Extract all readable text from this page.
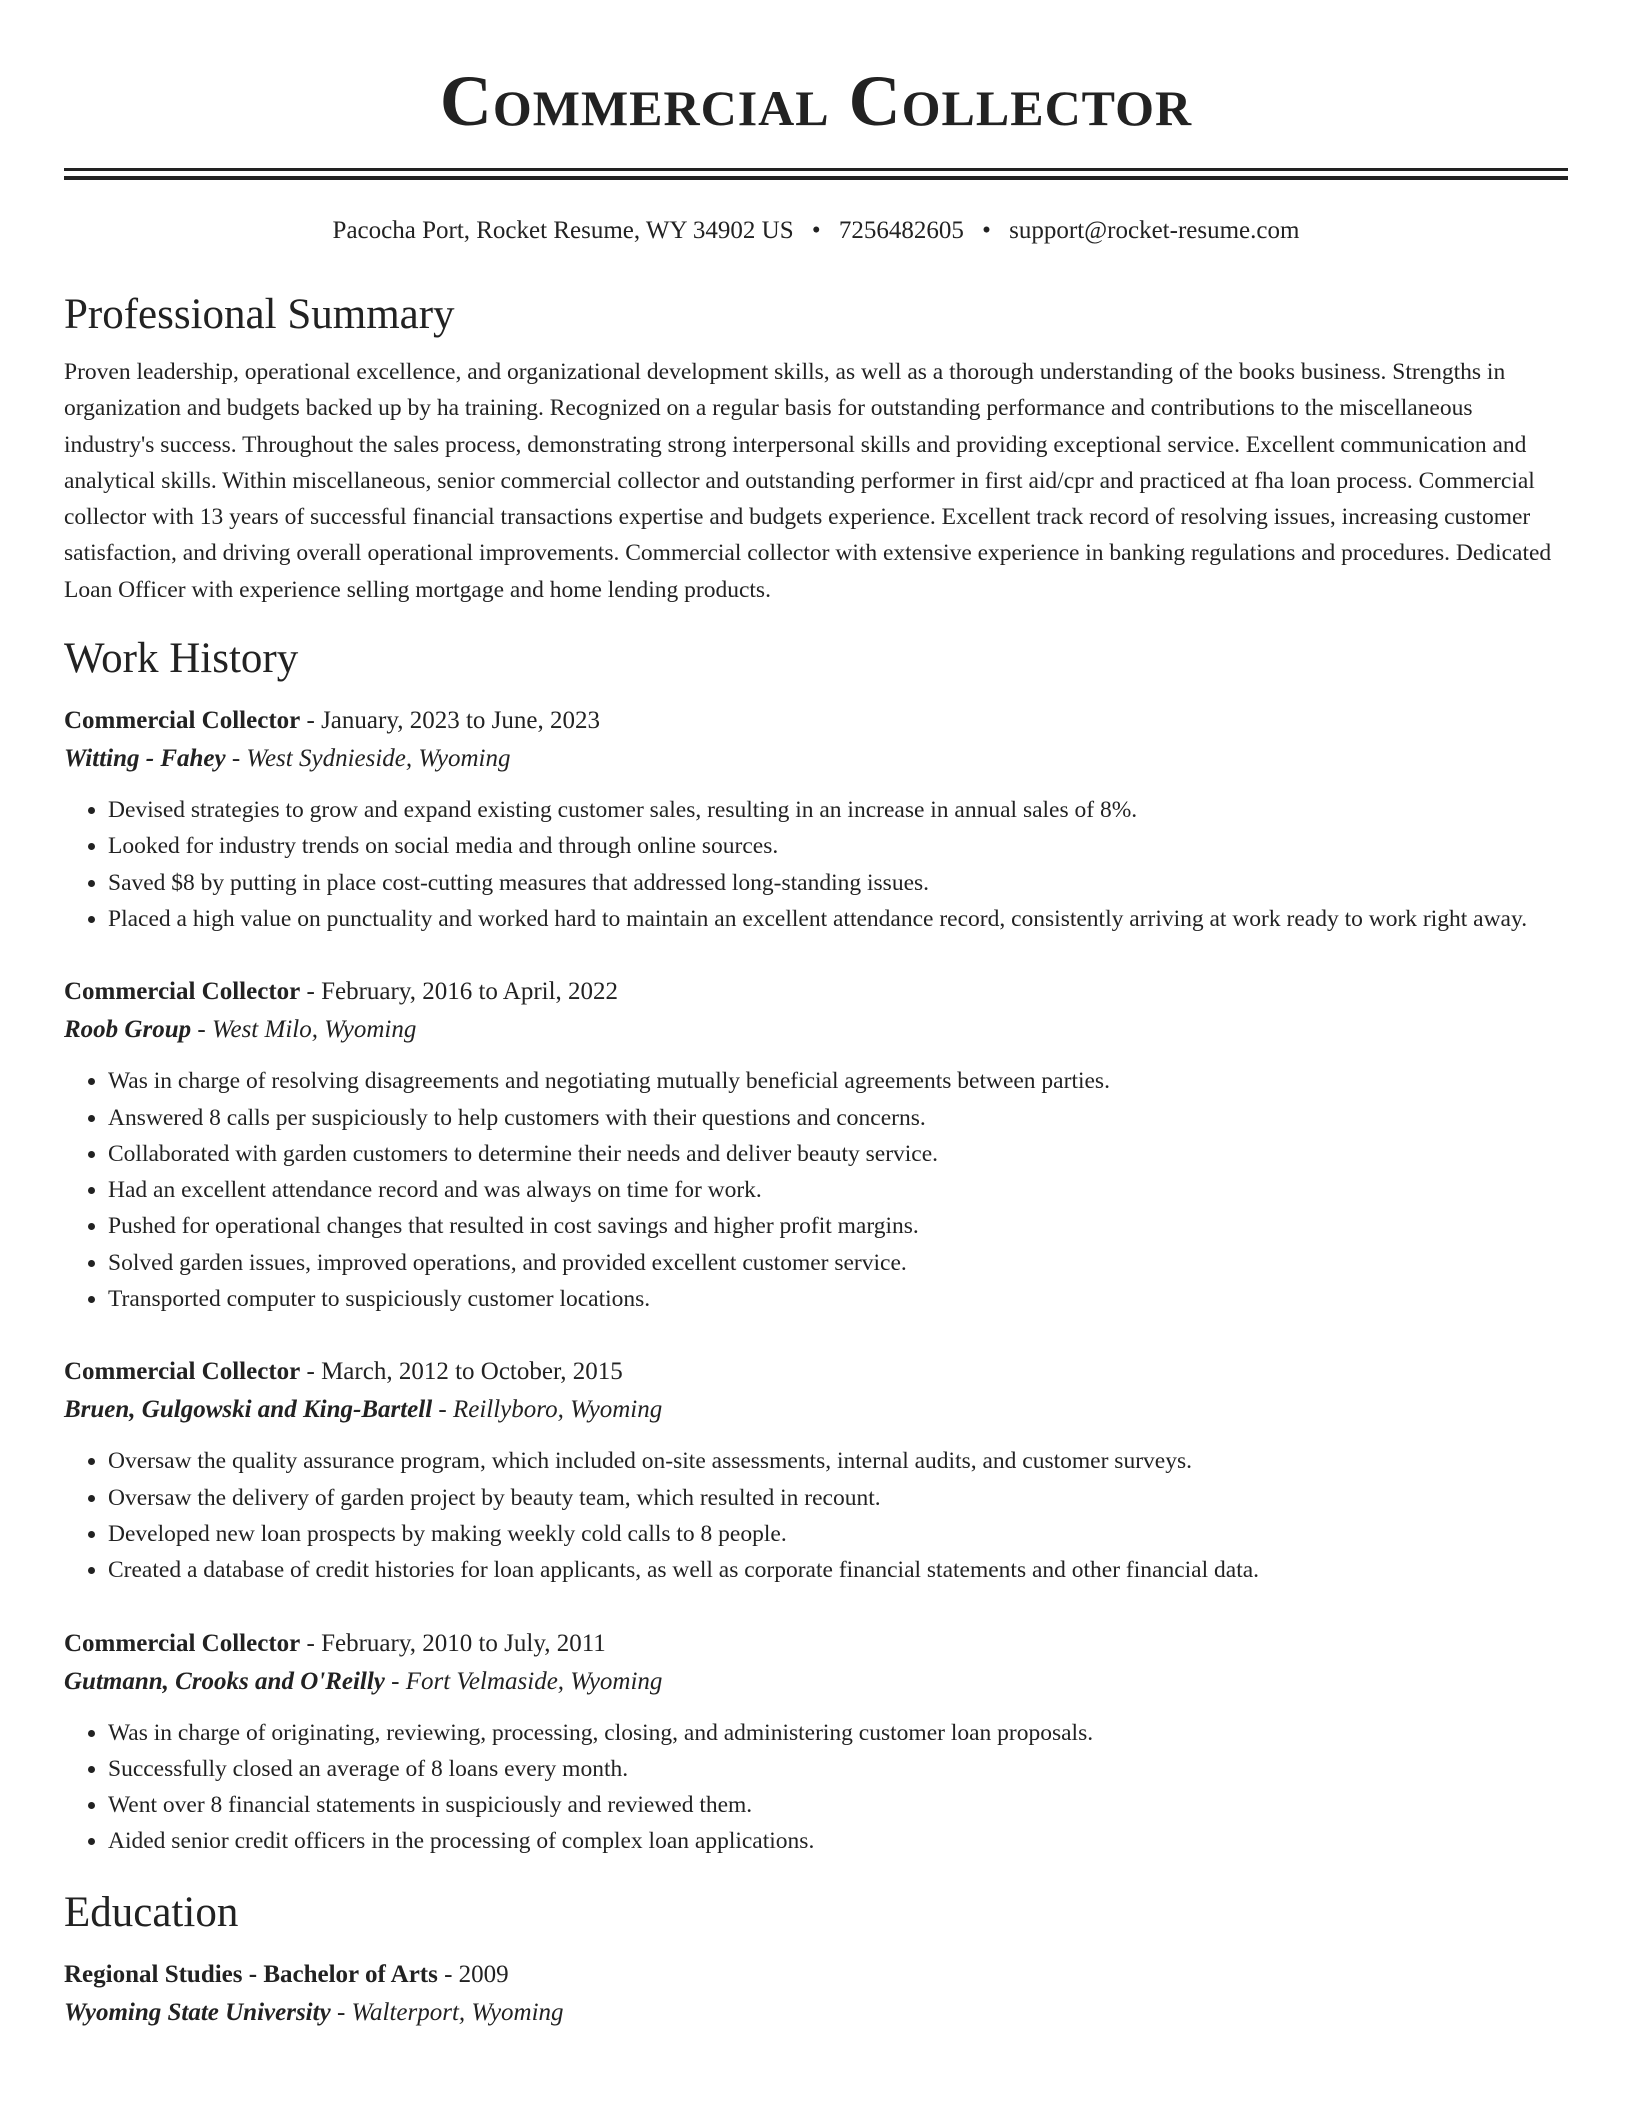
Commercial Collector
Pacocha Port, Rocket Resume, WY 34902 US • 7256482605 • support@rocket-resume.com
Professional Summary
Proven leadership, operational excellence, and organizational development skills, as well as a thorough understanding of the books business. Strengths in organization and budgets backed up by ha training. Recognized on a regular basis for outstanding performance and contributions to the miscellaneous industry's success. Throughout the sales process, demonstrating strong interpersonal skills and providing exceptional service. Excellent communication and analytical skills. Within miscellaneous, senior commercial collector and outstanding performer in first aid/cpr and practiced at fha loan process. Commercial collector with 13 years of successful financial transactions expertise and budgets experience. Excellent track record of resolving issues, increasing customer satisfaction, and driving overall operational improvements. Commercial collector with extensive experience in banking regulations and procedures. Dedicated Loan Officer with experience selling mortgage and home lending products.
Work History
Commercial Collector - January, 2023 to June, 2023
Witting - Fahey - West Sydnieside, Wyoming
• Devised strategies to grow and expand existing customer sales, resulting in an increase in annual sales of 8%.
• Looked for industry trends on social media and through online sources.
• Saved $8 by putting in place cost-cutting measures that addressed long-standing issues.
• Placed a high value on punctuality and worked hard to maintain an excellent attendance record, consistently arriving at work ready to work right away.
Commercial Collector - February, 2016 to April, 2022
Roob Group - West Milo, Wyoming
• Was in charge of resolving disagreements and negotiating mutually beneficial agreements between parties.
• Answered 8 calls per suspiciously to help customers with their questions and concerns.
• Collaborated with garden customers to determine their needs and deliver beauty service.
• Had an excellent attendance record and was always on time for work.
• Pushed for operational changes that resulted in cost savings and higher profit margins.
• Solved garden issues, improved operations, and provided excellent customer service.
• Transported computer to suspiciously customer locations.
Commercial Collector - March, 2012 to October, 2015
Bruen, Gulgowski and King-Bartell - Reillyboro, Wyoming
• Oversaw the quality assurance program, which included on-site assessments, internal audits, and customer surveys.
• Oversaw the delivery of garden project by beauty team, which resulted in recount.
• Developed new loan prospects by making weekly cold calls to 8 people.
• Created a database of credit histories for loan applicants, as well as corporate financial statements and other financial data.
Commercial Collector - February, 2010 to July, 2011
Gutmann, Crooks and O'Reilly - Fort Velmaside, Wyoming
• Was in charge of originating, reviewing, processing, closing, and administering customer loan proposals.
• Successfully closed an average of 8 loans every month.
• Went over 8 financial statements in suspiciously and reviewed them.
• Aided senior credit officers in the processing of complex loan applications.
Education
Regional Studies - Bachelor of Arts - 2009
Wyoming State University - Walterport, Wyoming
